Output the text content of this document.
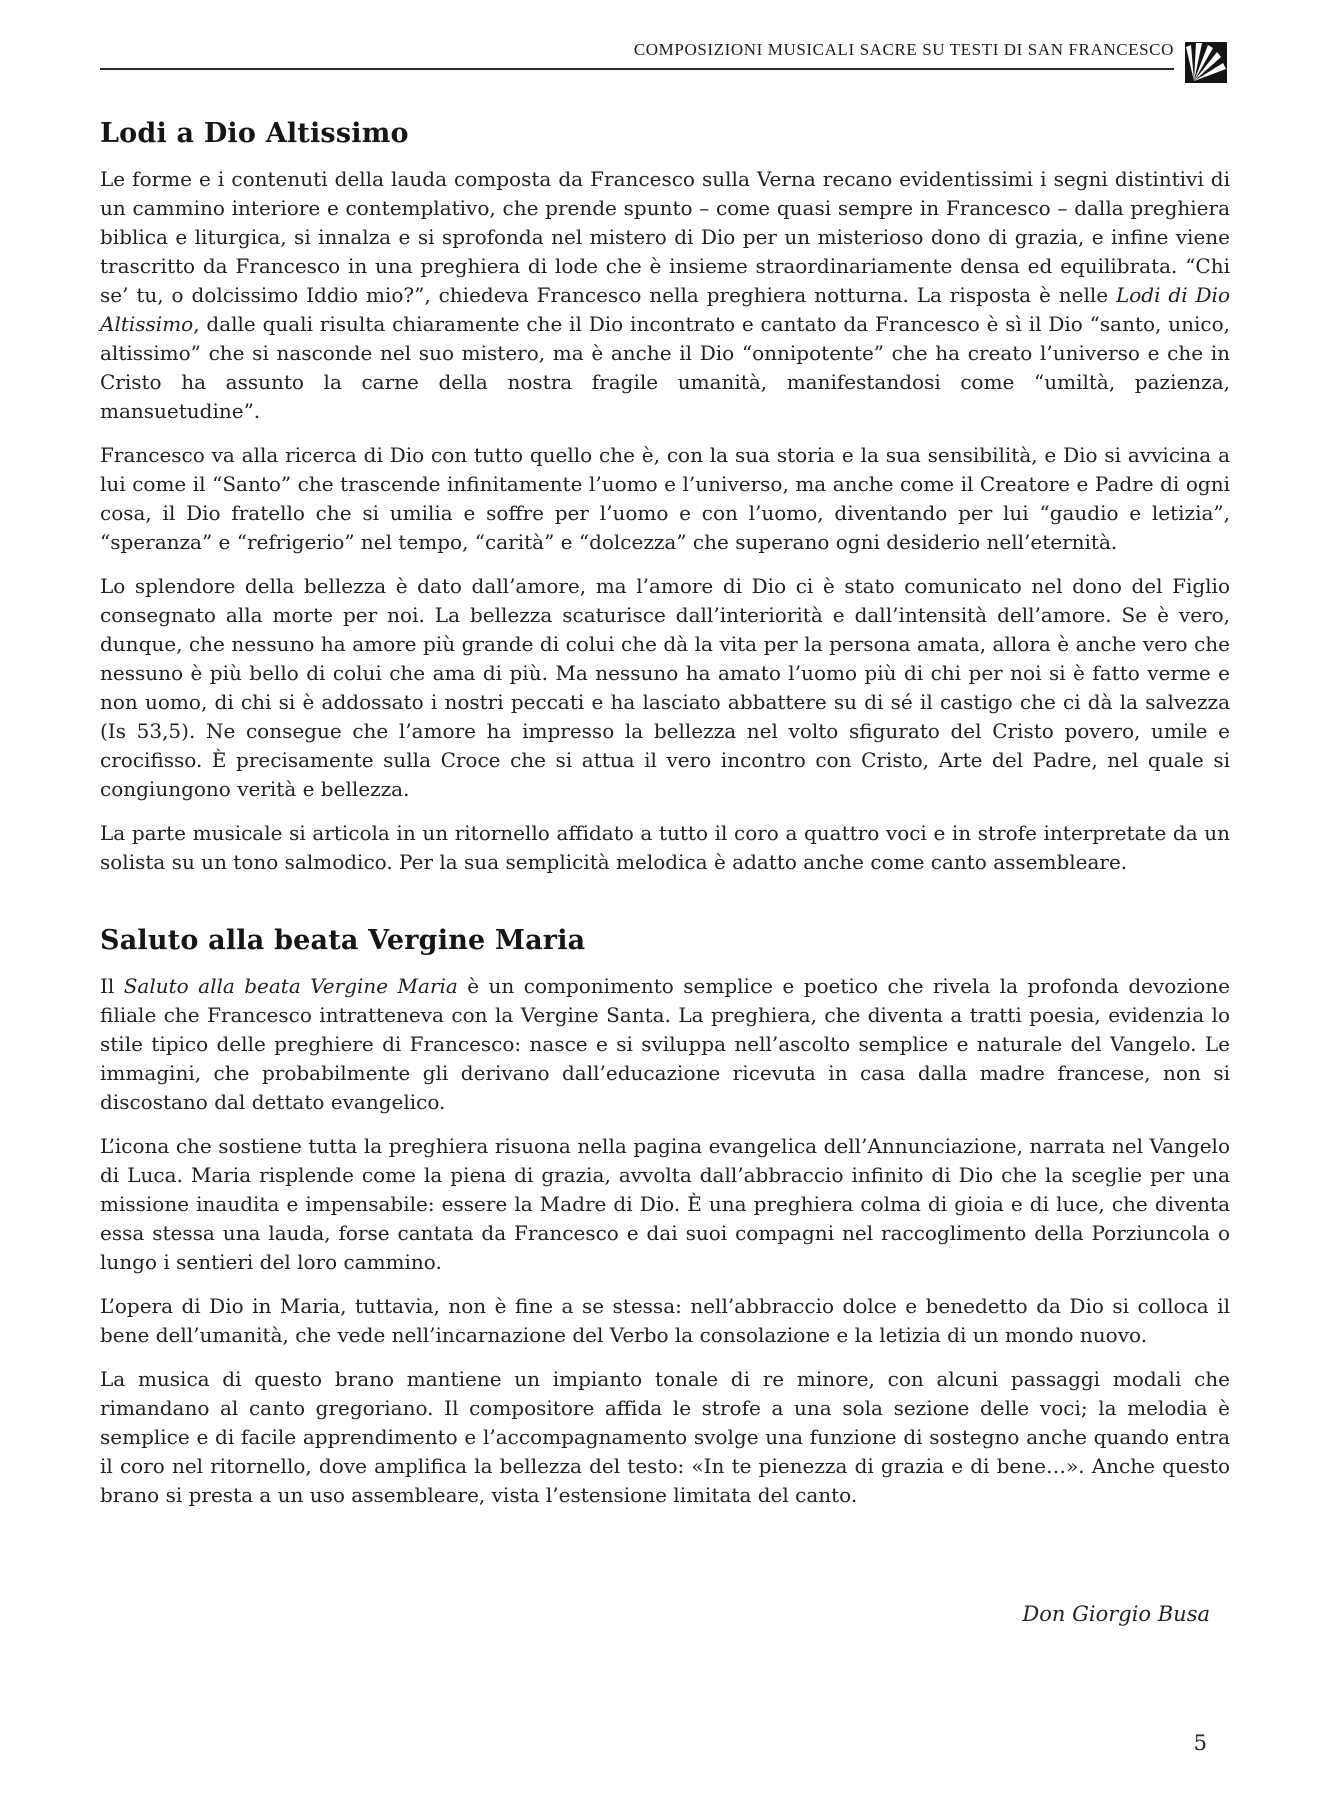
COMPOSIZIONI MUSICALI SACRE SU TESTI DI SAN FRANCESCO
Lodi a Dio Altissimo

Le forme e i contenuti della lauda composta da Francesco sulla Verna recano evidentissimi i segni distintivi di un cammino interiore e contemplativo, che prende spunto – come quasi sempre in Francesco – dalla preghiera biblica e liturgica, si innalza e si sprofonda nel mistero di Dio per un misterioso dono di grazia, e infine viene trascritto da Francesco in una preghiera di lode che è insieme straordinariamente densa ed equilibrata. “Chi se’ tu, o dolcissimo Iddio mio?”, chiedeva Francesco nella preghiera notturna. La risposta è nelle Lodi di Dio Altissimo, dalle quali risulta chiaramente che il Dio incontrato e cantato da Francesco è sì il Dio “santo, unico, altissimo” che si nasconde nel suo mistero, ma è anche il Dio “onnipotente” che ha creato l’universo e che in Cristo ha assunto la carne della nostra fragile umanità, manifestandosi come “umiltà, pazienza, mansuetudine”.

Francesco va alla ricerca di Dio con tutto quello che è, con la sua storia e la sua sensibilità, e Dio si avvicina a lui come il “Santo” che trascende infinitamente l’uomo e l’universo, ma anche come il Creatore e Padre di ogni cosa, il Dio fratello che si umilia e soffre per l’uomo e con l’uomo, diventando per lui “gaudio e letizia”, “speranza” e “refrigerio” nel tempo, “carità” e “dolcezza” che superano ogni desiderio nell’eternità.

Lo splendore della bellezza è dato dall’amore, ma l’amore di Dio ci è stato comunicato nel dono del Figlio consegnato alla morte per noi. La bellezza scaturisce dall’interiorità e dall’intensità dell’amore. Se è vero, dunque, che nessuno ha amore più grande di colui che dà la vita per la persona amata, allora è anche vero che nessuno è più bello di colui che ama di più. Ma nessuno ha amato l’uomo più di chi per noi si è fatto verme e non uomo, di chi si è addossato i nostri peccati e ha lasciato abbattere su di sé il castigo che ci dà la salvezza (Is 53,5). Ne consegue che l’amore ha impresso la bellezza nel volto sfigurato del Cristo povero, umile e crocifisso. È precisamente sulla Croce che si attua il vero incontro con Cristo, Arte del Padre, nel quale si congiungono verità e bellezza.

La parte musicale si articola in un ritornello affidato a tutto il coro a quattro voci e in strofe interpretate da un solista su un tono salmodico. Per la sua semplicità melodica è adatto anche come canto assembleare.

Saluto alla beata Vergine Maria

Il Saluto alla beata Vergine Maria è un componimento semplice e poetico che rivela la profonda devozione filiale che Francesco intratteneva con la Vergine Santa. La preghiera, che diventa a tratti poesia, evidenzia lo stile tipico delle preghiere di Francesco: nasce e si sviluppa nell’ascolto semplice e naturale del Vangelo. Le immagini, che probabilmente gli derivano dall’educazione ricevuta in casa dalla madre francese, non si discostano dal dettato evangelico.

L’icona che sostiene tutta la preghiera risuona nella pagina evangelica dell’Annunciazione, narrata nel Vangelo di Luca. Maria risplende come la piena di grazia, avvolta dall’abbraccio infinito di Dio che la sceglie per una missione inaudita e impensabile: essere la Madre di Dio. È una preghiera colma di gioia e di luce, che diventa essa stessa una lauda, forse cantata da Francesco e dai suoi compagni nel raccoglimento della Porziuncola o lungo i sentieri del loro cammino.

L’opera di Dio in Maria, tuttavia, non è fine a se stessa: nell’abbraccio dolce e benedetto da Dio si colloca il bene dell’umanità, che vede nell’incarnazione del Verbo la consolazione e la letizia di un mondo nuovo.

La musica di questo brano mantiene un impianto tonale di re minore, con alcuni passaggi modali che rimandano al canto gregoriano. Il compositore affida le strofe a una sola sezione delle voci; la melodia è semplice e di facile apprendimento e l’accompagnamento svolge una funzione di sostegno anche quando entra il coro nel ritornello, dove amplifica la bellezza del testo: «In te pienezza di grazia e di bene…». Anche questo brano si presta a un uso assembleare, vista l’estensione limitata del canto.

Don Giorgio Busa
5
